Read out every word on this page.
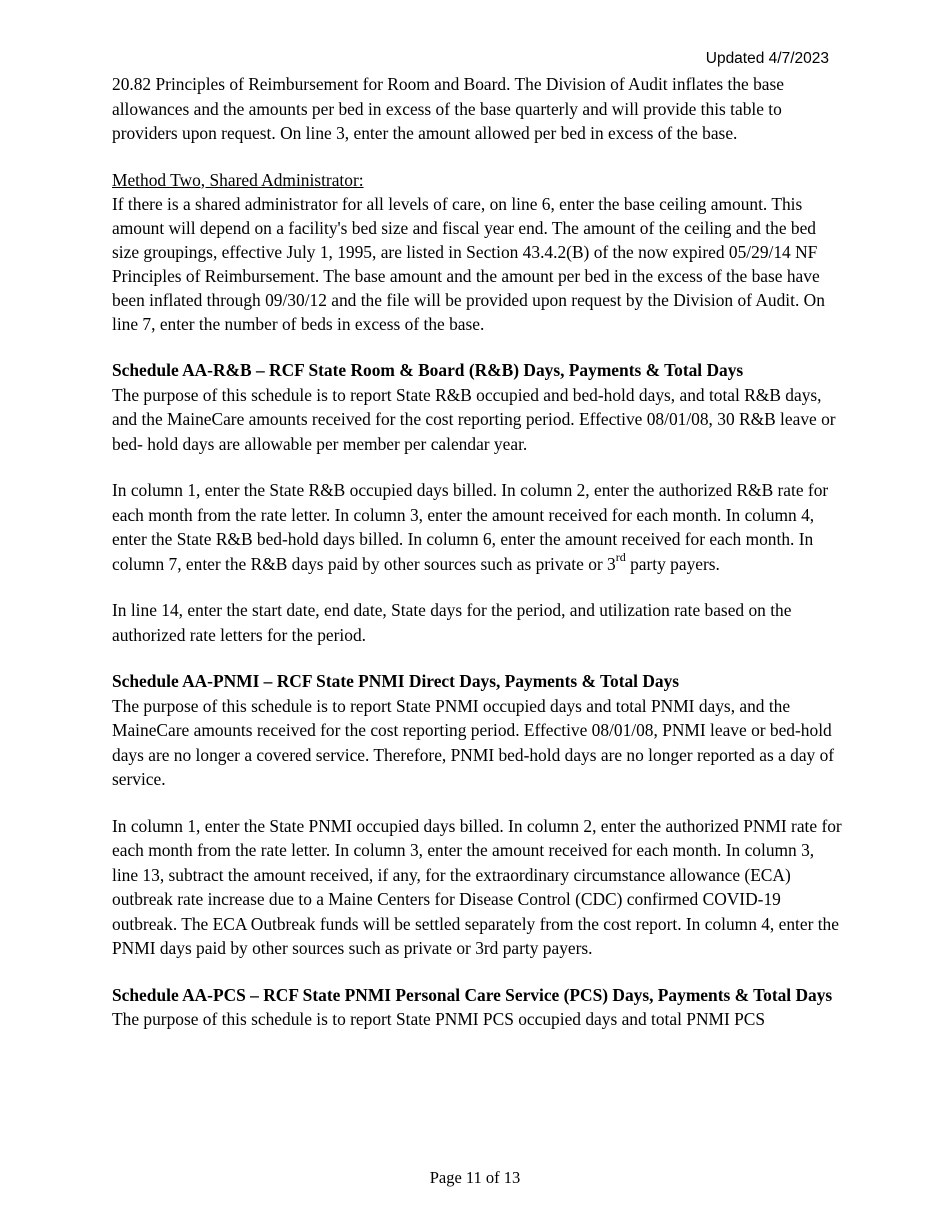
Updated 4/7/2023

20.82 Principles of Reimbursement for Room and Board. The Division of Audit inflates the base allowances and the amounts per bed in excess of the base quarterly and will provide this table to providers upon request. On line 3, enter the amount allowed per bed in excess of the base.

Method Two, Shared Administrator:

If there is a shared administrator for all levels of care, on line 6, enter the base ceiling amount. This amount will depend on a facility's bed size and fiscal year end. The amount of the ceiling and the bed size groupings, effective July 1, 1995, are listed in Section 43.4.2(B) of the now expired 05/29/14 NF Principles of Reimbursement. The base amount and the amount per bed in the excess of the base have been inflated through 09/30/12 and the file will be provided upon request by the Division of Audit. On line 7, enter the number of beds in excess of the base.

Schedule AA-R&B – RCF State Room & Board (R&B) Days, Payments & Total Days

The purpose of this schedule is to report State R&B occupied and bed-hold days, and total R&B days, and the MaineCare amounts received for the cost reporting period. Effective 08/01/08, 30 R&B leave or bed- hold days are allowable per member per calendar year.

In column 1, enter the State R&B occupied days billed. In column 2, enter the authorized R&B rate for each month from the rate letter. In column 3, enter the amount received for each month. In column 4, enter the State R&B bed-hold days billed. In column 6, enter the amount received for each month. In column 7, enter the R&B days paid by other sources such as private or 3rd party payers.

In line 14, enter the start date, end date, State days for the period, and utilization rate based on the authorized rate letters for the period.

Schedule AA-PNMI – RCF State PNMI Direct Days, Payments & Total Days

The purpose of this schedule is to report State PNMI occupied days and total PNMI days, and the MaineCare amounts received for the cost reporting period. Effective 08/01/08, PNMI leave or bed-hold days are no longer a covered service. Therefore, PNMI bed-hold days are no longer reported as a day of service.

In column 1, enter the State PNMI occupied days billed. In column 2, enter the authorized PNMI rate for each month from the rate letter. In column 3, enter the amount received for each month. In column 3, line 13, subtract the amount received, if any, for the extraordinary circumstance allowance (ECA) outbreak rate increase due to a Maine Centers for Disease Control (CDC) confirmed COVID-19 outbreak. The ECA Outbreak funds will be settled separately from the cost report. In column 4, enter the PNMI days paid by other sources such as private or 3rd party payers.

Schedule AA-PCS – RCF State PNMI Personal Care Service (PCS) Days, Payments & Total Days

The purpose of this schedule is to report State PNMI PCS occupied days and total PNMI PCS

Page 11 of 13
